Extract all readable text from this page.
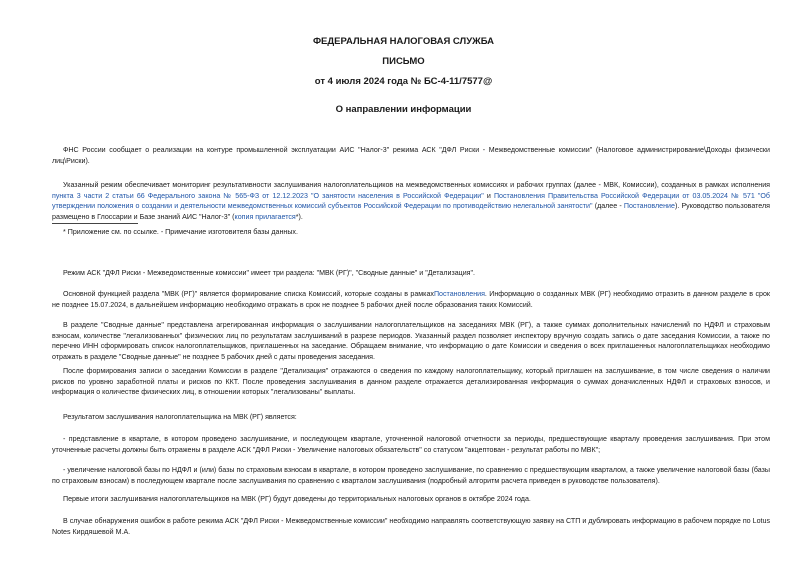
ФЕДЕРАЛЬНАЯ НАЛОГОВАЯ СЛУЖБА
ПИСЬМО
от 4 июля 2024 года № БС-4-11/7577@
О направлении информации
ФНС России сообщает о реализации на контуре промышленной эксплуатации АИС "Налог-3" режима АСК "ДФЛ Риски - Межведомственные комиссии" (Налоговое администрирование\Доходы физически лиц\Риски).
Указанный режим обеспечивает мониторинг результативности заслушивания налогоплательщиков на межведомственных комиссиях и рабочих группах (далее - МВК, Комиссии), созданных в рамках исполнения пункта 3 части 2 статьи 66 Федерального закона № 565-ФЗ от 12.12.2023 "О занятости населения в Российской Федерации" и Постановления Правительства Российской Федерации от 03.05.2024 № 571 "Об утверждении положения о создании и деятельности межведомственных комиссий субъектов Российской Федерации по противодействию нелегальной занятости" (далее - Постановление). Руководство пользователя размещено в Глоссарии и Базе знаний АИС "Налог-3" (копия прилагается*).
* Приложение см. по ссылке. - Примечание изготовителя базы данных.
Режим АСК "ДФЛ Риски - Межведомственные комиссии" имеет три раздела: "МВК (РГ)", "Сводные данные" и "Детализация".
Основной функцией раздела "МВК (РГ)" является формирование списка Комиссий, которые созданы в рамкахПостановления. Информацию о созданных МВК (РГ) необходимо отразить в данном разделе в срок не позднее 15.07.2024, в дальнейшем информацию необходимо отражать в срок не позднее 5 рабочих дней после образования таких Комиссий.
В разделе "Сводные данные" представлена агрегированная информация о заслушивании налогоплательщиков на заседаниях МВК (РГ), а также суммах дополнительных начислений по НДФЛ и страховым взносам, количестве "легализованных" физических лиц по результатам заслушиваний в разрезе периодов. Указанный раздел позволяет инспектору вручную создать запись о дате заседания Комиссии, а также по перечню ИНН сформировать список налогоплательщиков, приглашенных на заседание. Обращаем внимание, что информацию о дате Комиссии и сведения о всех приглашенных налогоплательщиках необходимо отражать в разделе "Сводные данные" не позднее 5 рабочих дней с даты проведения заседания.
После формирования записи о заседании Комиссии в разделе "Детализация" отражаются о сведения по каждому налогоплательщику, который приглашен на заслушивание, в том числе сведения о наличии рисков по уровню заработной платы и рисков по ККТ. После проведения заслушивания в данном разделе отражается детализированная информация о суммах доначисленных НДФЛ и страховых взносов, и информация о количестве физических лиц, в отношении которых "легализованы" выплаты.
Результатом заслушивания налогоплательщика на МВК (РГ) является:
- представление в квартале, в котором проведено заслушивание, и последующем квартале, уточненной налоговой отчетности за периоды, предшествующие кварталу проведения заслушивания. При этом уточненные расчеты должны быть отражены в разделе АСК "ДФЛ Риски - Увеличение налоговых обязательств" со статусом "акцептован - результат работы по МВК";
- увеличение налоговой базы по НДФЛ и (или) базы по страховым взносам в квартале, в котором проведено заслушивание, по сравнению с предшествующим кварталом, а также увеличение налоговой базы (базы по страховым взносам) в последующем квартале после заслушивания по сравнению с кварталом заслушивания (подробный алгоритм расчета приведен в руководстве пользователя).
Первые итоги заслушивания налогоплательщиков на МВК (РГ) будут доведены до территориальных налоговых органов в октябре 2024 года.
В случае обнаружения ошибок в работе режима АСК "ДФЛ Риски - Межведомственные комиссии" необходимо направлять соответствующую заявку на СТП и дублировать информацию в рабочем порядке по Lotus Notes Кирдяшевой М.А.
